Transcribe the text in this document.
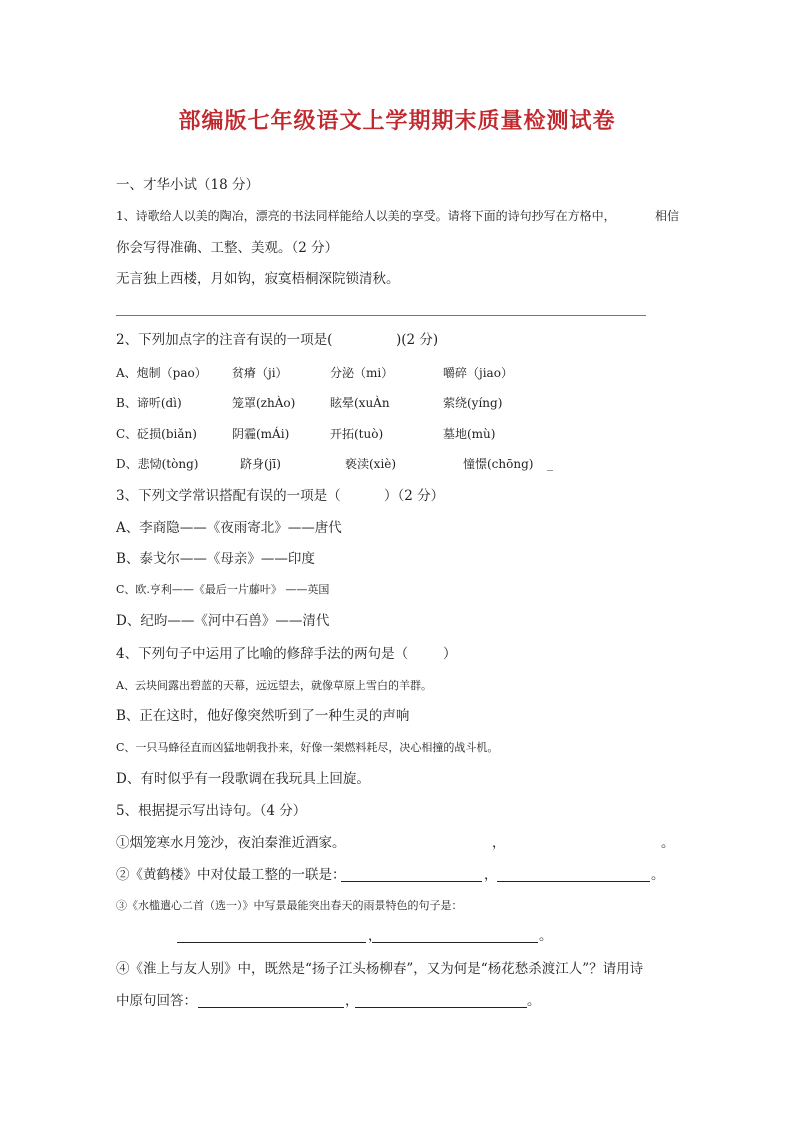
部编版七年级语文上学期期末质量检测试卷
一、才华小试（18 分）
1、诗歌给人以美的陶冶，漂亮的书法同样能给人以美的享受。请将下面的诗句抄写在方格中，	相信
你会写得准确、工整、美观。（2 分）
无言独上西楼，月如钩，寂寞梧桐深院锁清秋。
2、下列加点字的注音有误的一项是(	)(2 分)
A、炮制（pao） 贫瘠（ji）	分泌（mi）	嚼碎（jiao）
B、谛听(dì)	笼罩(zhÀo)	眩晕(xuÀn	萦绕(yíng)
C、砭损(biǎn)	阴霾(mÁi)	开拓(tuò)	墓地(mù)
D、悲恸(tòng)	跻身(jī)	亵渎(xiè)	憧憬(chōng) _
3、下列文学常识搭配有误的一项是（	）（2 分）
A、李商隐——《夜雨寄北》——唐代
B、泰戈尔——《母亲》——印度
C、欧.亨利——《最后一片藤叶》 ——英国
D、纪昀——《河中石兽》——清代
4、下列句子中运用了比喻的修辞手法的两句是（	）
A、云块间露出碧蓝的天幕，远远望去，就像草原上雪白的羊群。
B、正在这时，他好像突然听到了一种生灵的声响
C、一只马蜂径直而凶猛地朝我扑来，好像一架燃料耗尽，决心相撞的战斗机。
D、有时似乎有一段歌调在我玩具上回旋。
5、根据提示写出诗句。（4 分）
①烟笼寒水月笼沙，夜泊秦淮近酒家。	，	。
②《黄鹤楼》中对仗最工整的一联是：	，	。
③《水槛遣心二首（选一）》中写景最能突出春天的雨景特色的句子是：
，	。
④《淮上与友人别》中，既然是“扬子江头杨柳春”，又为何是“杨花愁杀渡江人”？请用诗
中原句回答：	，	。
